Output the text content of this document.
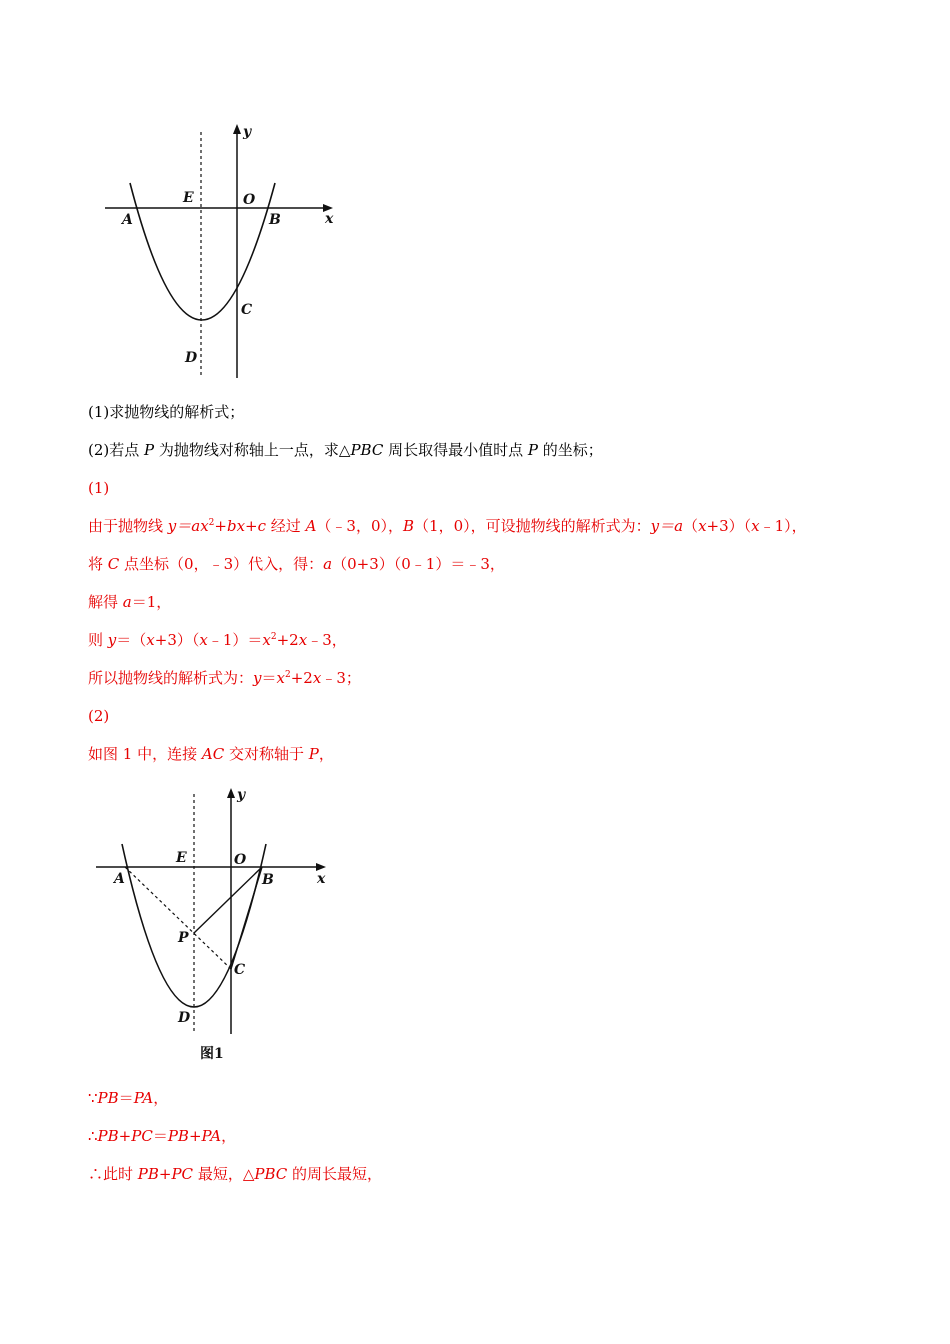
y
x
E	O
A	B
C
D
(1)求抛物线的解析式；
(2)若点 P 为抛物线对称轴上一点，求△PBC 周长取得最小值时点 P 的坐标；
(1)
由于抛物线 $y=ax^2+bx+c$ 经过 A（﹣3，0），B（1，0），可设抛物线的解析式为：y＝a（x+3）（x﹣1），
将 C 点坐标（0，﹣3）代入，得：a（0+3）（0﹣1）＝﹣3，
解得 a＝1，
则 $y=(x+3)(x﹣1)=x^2+2x﹣3$，
所以抛物线的解析式为：$y=x^2+2x﹣3$；
(2)
如图 1 中，连接 AC 交对称轴于 P，
y
x
E	O
A	B
P
C
D
图1
∵PB＝PA，
∴PB+PC＝PB+PA，
∴此时 PB+PC 最短，△PBC 的周长最短，
